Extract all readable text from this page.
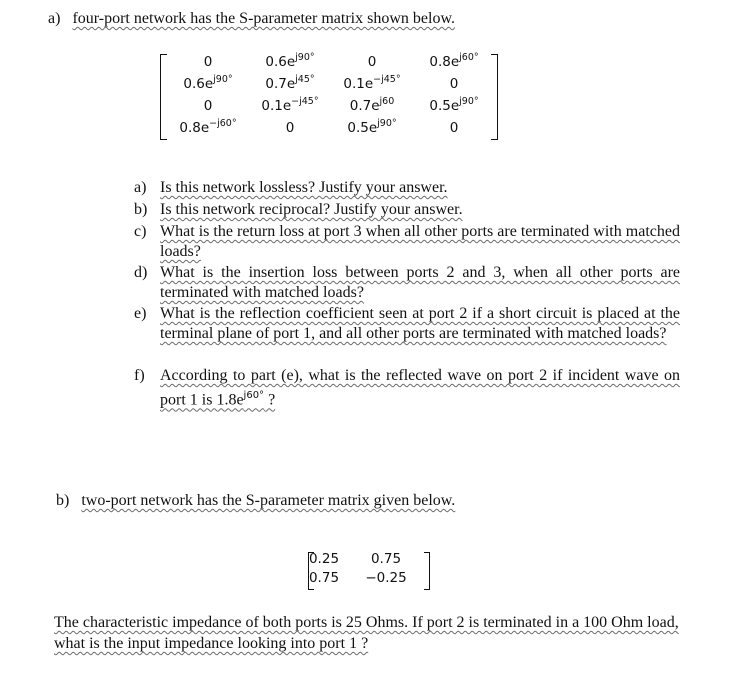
a) four-port network has the S-parameter matrix shown below.
0	$0.6e^{j90^\circ}$	0	$0.8e^{j60^\circ}$
$0.6e^{j90^\circ}$	$0.7e^{j45^\circ}$	$0.1e^{-j45^\circ}$	0
0	$0.1e^{-j45^\circ}$	$0.7e^{j60}$	$0.5e^{j90^\circ}$
$0.8e^{-j60^\circ}$	0	$0.5e^{j90^\circ}$	0
a) Is this network lossless? Justify your answer.
b) Is this network reciprocal? Justify your answer.
c) What is the return loss at port 3 when all other ports are terminated with matched loads?
d) What is the insertion loss between ports 2 and 3, when all other ports are terminated with matched loads?
e) What is the reflection coefficient seen at port 2 if a short circuit is placed at the terminal plane of port 1, and all other ports are terminated with matched loads?
f) According to part (e), what is the reflected wave on port 2 if incident wave on port 1 is $1.8e^{j60^\circ}$ ?
b) two-port network has the S-parameter matrix given below.
0.25	0.75
0.75	−0.25
The characteristic impedance of both ports is 25 Ohms. If port 2 is terminated in a 100 Ohm load, what is the input impedance looking into port 1 ?
